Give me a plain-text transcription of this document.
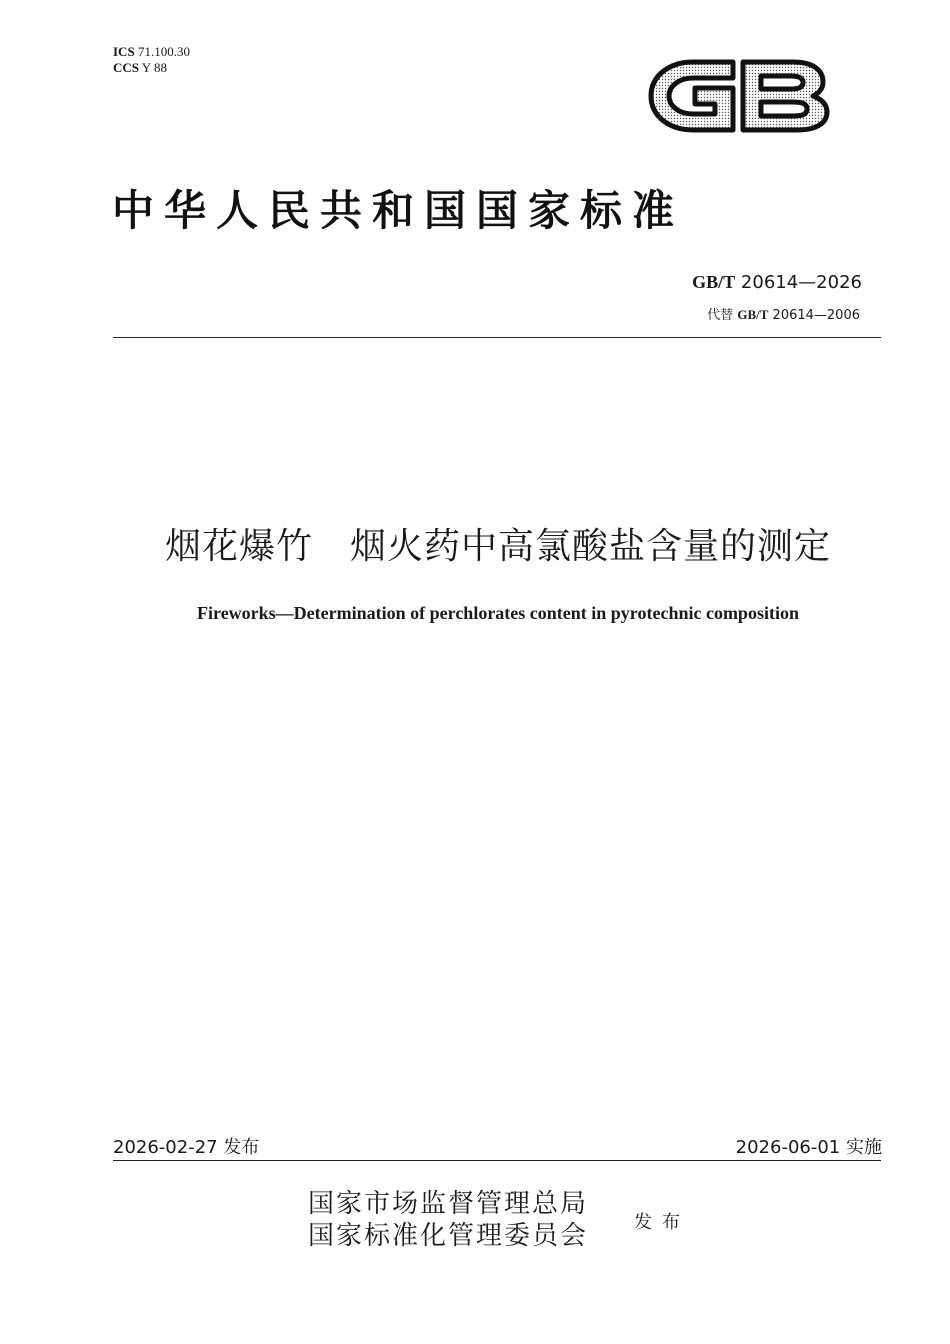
ICS 71.100.30
CCS Y 88
中华人民共和国国家标准
GB/T 20614—2026
代替 GB/T 20614—2006
烟花爆竹　烟火药中高氯酸盐含量的测定
Fireworks—Determination of perchlorates content in pyrotechnic composition
2026-02-27 发布	2026-06-01 实施
国家市场监督管理总局
国家标准化管理委员会	发布
